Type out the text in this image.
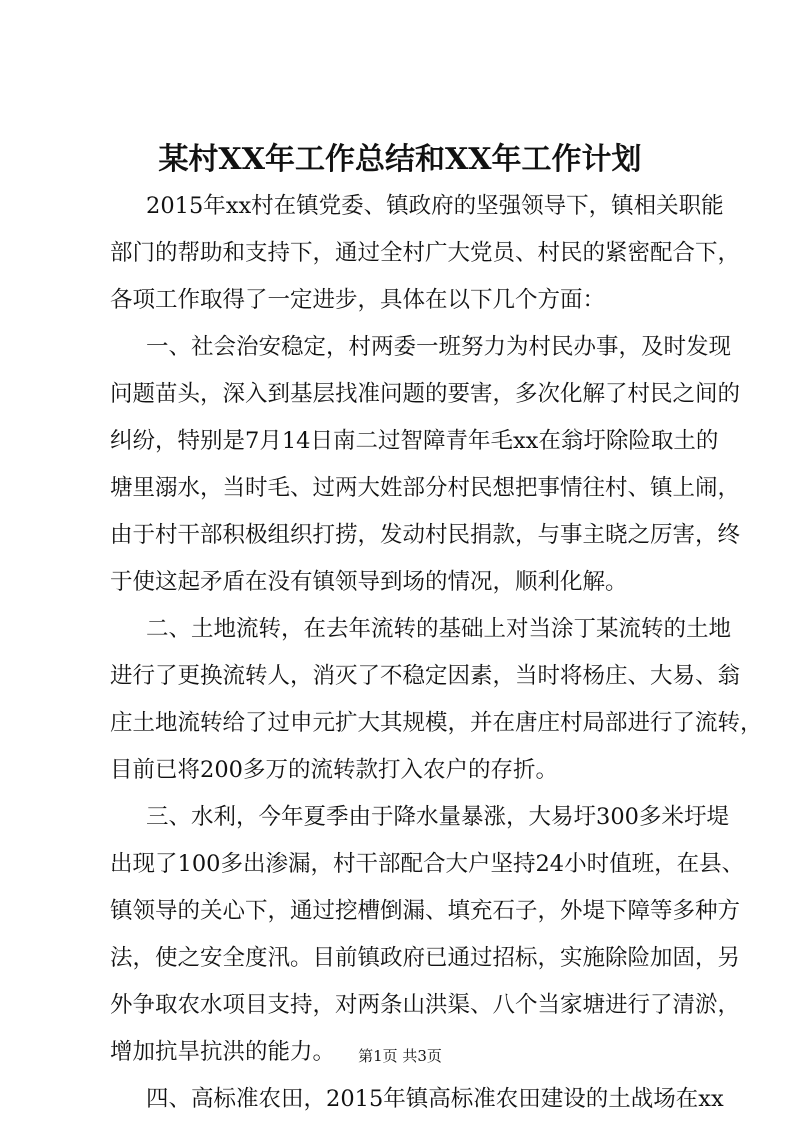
某村XX年工作总结和XX年工作计划
2015年xx村在镇党委、镇政府的坚强领导下，镇相关职能
部门的帮助和支持下，通过全村广大党员、村民的紧密配合下，
各项工作取得了一定进步，具体在以下几个方面：
一、社会治安稳定，村两委一班努力为村民办事，及时发现
问题苗头，深入到基层找准问题的要害，多次化解了村民之间的
纠纷，特别是7月14日南二过智障青年毛xx在翁圩除险取土的
塘里溺水，当时毛、过两大姓部分村民想把事情往村、镇上闹，
由于村干部积极组织打捞，发动村民捐款，与事主晓之厉害，终
于使这起矛盾在没有镇领导到场的情况，顺利化解。
二、土地流转，在去年流转的基础上对当涂丁某流转的土地
进行了更换流转人，消灭了不稳定因素，当时将杨庄、大易、翁
庄土地流转给了过申元扩大其规模，并在唐庄村局部进行了流转，
目前已将200多万的流转款打入农户的存折。
三、水利，今年夏季由于降水量暴涨，大易圩300多米圩堤
出现了100多出渗漏，村干部配合大户坚持24小时值班，在县、
镇领导的关心下，通过挖槽倒漏、填充石子，外堤下障等多种方
法，使之安全度汛。目前镇政府已通过招标，实施除险加固，另
外争取农水项目支持，对两条山洪渠、八个当家塘进行了清淤，
增加抗旱抗洪的能力。
四、高标准农田，2015年镇高标准农田建设的土战场在xx
第1页 共3页
